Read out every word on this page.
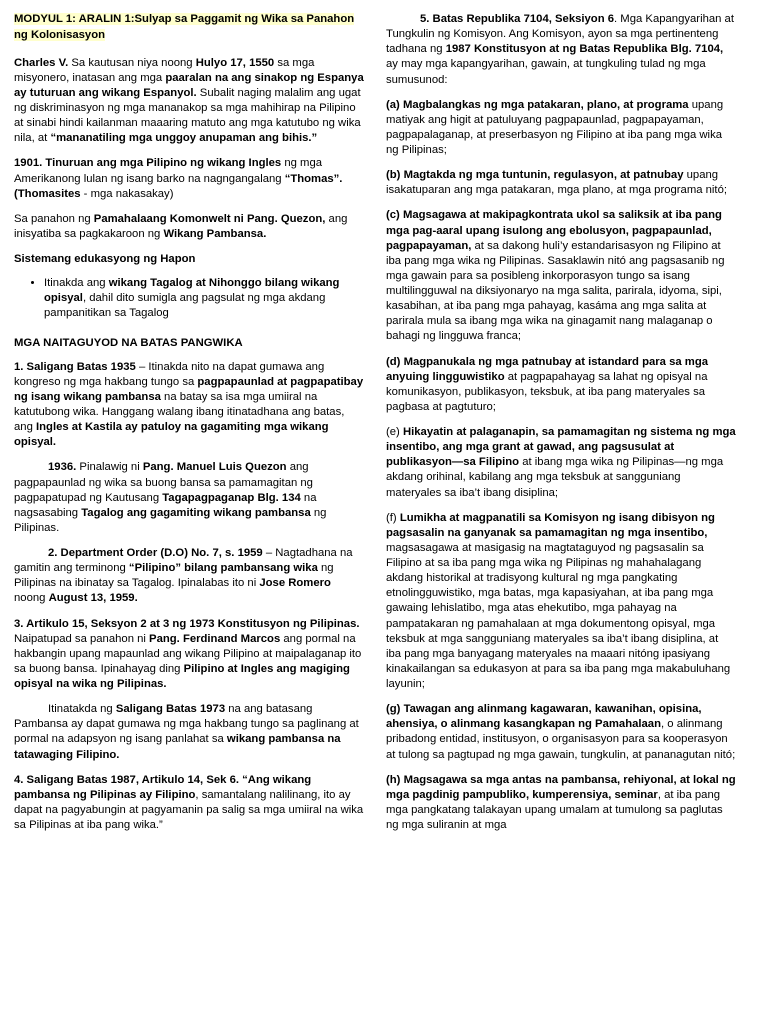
MODYUL 1: ARALIN 1:Sulyap sa Paggamit ng Wika sa Panahon ng Kolonisasyon

Charles V. Sa kautusan niya noong Hulyo 17, 1550 sa mga misyonero, inatasan ang mga paaralan na ang sinakop ng Espanya ay tuturuan ang wikang Espanyol. Subalit naging malalim ang ugat ng diskriminasyon ng mga mananakop sa mga mahihirap na Pilipino at sinabi hindi kailanman maaaring matuto ang mga katutubo ng wika nila, at “mananatiling mga unggoy anupaman ang bihis.”

1901. Tinuruan ang mga Pilipino ng wikang Ingles ng mga Amerikanong lulan ng isang barko na nagngangalang “Thomas”. (Thomasites - mga nakasakay)

Sa panahon ng Pamahalaang Komonwelt ni Pang. Quezon, ang inisyatiba sa pagkakaroon ng Wikang Pambansa.

Sistemang edukasyong ng Hapon
• Itinakda ang wikang Tagalog at Nihonggo bilang wikang opisyal, dahil dito sumigla ang pagsulat ng mga akdang pampanitikan sa Tagalog
MGA NAITAGUYOD NA BATAS PANGWIKA

1. Saligang Batas 1935 – Itinakda nito na dapat gumawa ang kongreso ng mga hakbang tungo sa pagpapaunlad at pagpapatibay ng isang wikang pambansa na batay sa isa mga umiiral na katutubong wika. Hanggang walang ibang itinatadhana ang batas, ang Ingles at Kastila ay patuloy na gagamiting mga wikang opisyal.

1936. Pinalawig ni Pang. Manuel Luis Quezon ang pagpapaunlad ng wika sa buong bansa sa pamamagitan ng pagpapatupad ng Kautusang Tagapagpaganap Blg. 134 na nagsasabing Tagalog ang gagamiting wikang pambansa ng Pilipinas.

2. Department Order (D.O) No. 7, s. 1959 – Nagtadhana na gamitin ang terminong “Pilipino” bilang pambansang wika ng Pilipinas na ibinatay sa Tagalog. Ipinalabas ito ni Jose Romero noong August 13, 1959.

3. Artikulo 15, Seksyon 2 at 3 ng 1973 Konstitusyon ng Pilipinas. Naipatupad sa panahon ni Pang. Ferdinand Marcos ang pormal na hakbangin upang mapaunlad ang wikang Pilipino at maipalaganap ito sa buong bansa. Ipinahayag ding Pilipino at Ingles ang magiging opisyal na wika ng Pilipinas.

Itinatakda ng Saligang Batas 1973 na ang batasang Pambansa ay dapat gumawa ng mga hakbang tungo sa paglinang at pormal na adapsyon ng isang panlahat sa wikang pambansa na tatawaging Filipino.

4. Saligang Batas 1987, Artikulo 14, Sek 6. “Ang wikang pambansa ng Pilipinas ay Filipino, samantalang nalilinang, ito ay dapat na pagyabungin at pagyamanin pa salig sa mga umiiral na wika sa Pilipinas at iba pang wika.”

5. Batas Republika 7104, Seksiyon 6. Mga Kapangyarihan at Tungkulin ng Komisyon. Ang Komisyon, ayon sa mga pertinenteng tadhana ng 1987 Konstitusyon at ng Batas Republika Blg. 7104, ay may mga kapangyarihan, gawain, at tungkuling tulad ng mga sumusunod:

(a) Magbalangkas ng mga patakaran, plano, at programa upang matiyak ang higit at patuluyang pagpapaunlad, pagpapayaman, pagpapalaganap, at preserbasyon ng Filipino at iba pang mga wika ng Pilipinas;

(b) Magtakda ng mga tuntunin, regulasyon, at patnubay upang isakatuparan ang mga patakaran, mga plano, at mga programa nitó;

(c) Magsagawa at makipagkontrata ukol sa saliksik at iba pang mga pag-aaral upang isulong ang ebolusyon, pagpapaunlad, pagpapayaman, at sa dakong huli’y estandarisasyon ng Filipino at iba pang mga wika ng Pilipinas. Sasaklawin nitó ang pagsasanib ng mga gawain para sa posibleng inkorporasyon tungo sa isang multilingguwal na diksiyonaryo na mga salita, parirala, idyoma, sipi, kasabihan, at iba pang mga pahayag, kasáma ang mga salita at parirala mula sa ibang mga wika na ginagamit nang malaganap o bahagi ng lingguwa franca;

(d) Magpanukala ng mga patnubay at istandard para sa mga anyuing lingguwistiko at pagpapahayag sa lahat ng opisyal na komunikasyon, publikasyon, teksbuk, at iba pang materyales sa pagbasa at pagtuturo;

(e) Hikayatin at palaganapin, sa pamamagitan ng sistema ng mga insentibo, ang mga grant at gawad, ang pagsusulat at publikasyon—sa Filipino at ibang mga wika ng Pilipinas—ng mga akdang orihinal, kabilang ang mga teksbuk at sangguniang materyales sa iba’t ibang disiplina;

(f) Lumikha at magpanatili sa Komisyon ng isang dibisyon ng pagsasalin na ganyanak sa pamamagitan ng mga insentibo, magsasagawa at masigasig na magtataguyod ng pagsasalin sa Filipino at sa iba pang mga wika ng Pilipinas ng mahahalagang akdang historikal at tradisyong kultural ng mga pangkating etnolingguwistiko, mga batas, mga kapasiyahan, at iba pang mga gawaing lehislatibo, mga atas ehekutibo, mga pahayag na pampatakaran ng pamahalaan at mga dokumentong opisyal, mga teksbuk at mga sangguniang materyales sa iba’t ibang disiplina, at iba pang mga banyagang materyales na maaari nitóng ipasiyang kinakailangan sa edukasyon at para sa iba pang mga makabuluhang layunin;

(g) Tawagan ang alinmang kagawaran, kawanihan, opisina, ahensiya, o alinmang kasangkapan ng Pamahalaan, o alinmang pribadong entidad, institusyon, o organisasyon para sa kooperasyon at tulong sa pagtupad ng mga gawain, tungkulin, at pananagutan nitó;

(h) Magsagawa sa mga antas na pambansa, rehiyonal, at lokal ng mga pagdinig pampubliko, kumperensiya, seminar, at iba pang mga pangkatang talakayan upang umalam at tumulong sa paglutas ng mga suliranin at mga
